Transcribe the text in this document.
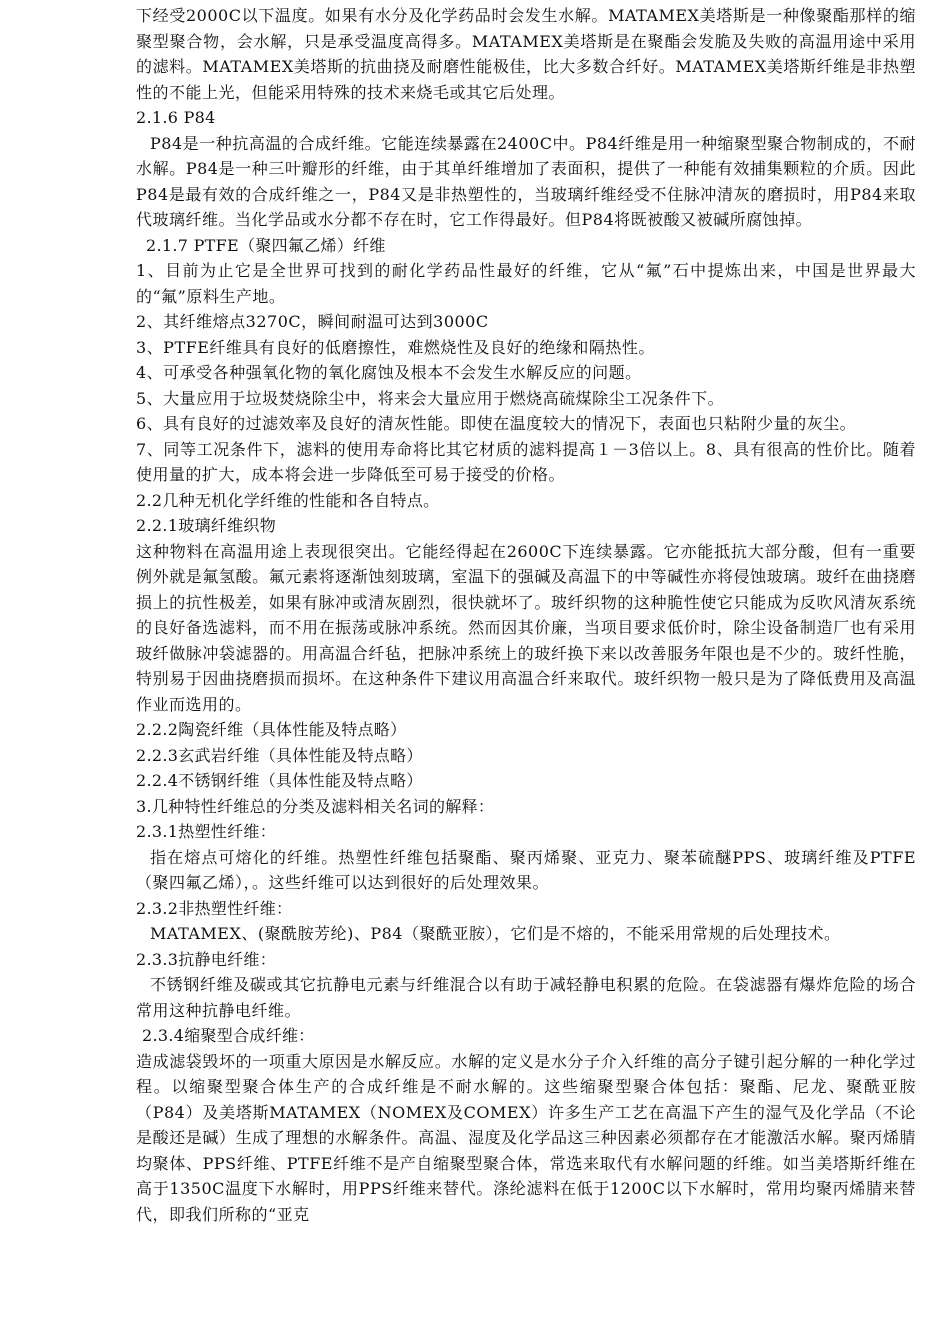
下经受2000C以下温度。如果有水分及化学药品时会发生水解。MATAMEX美塔斯是一种像聚酯那样的缩聚型聚合物，会水解，只是承受温度高得多。MATAMEX美塔斯是在聚酯会发脆及失败的高温用途中采用的滤料。MATAMEX美塔斯的抗曲挠及耐磨性能极佳，比大多数合纤好。MATAMEX美塔斯纤维是非热塑性的不能上光，但能采用特殊的技术来烧毛或其它后处理。

2.1.6 P84

P84是一种抗高温的合成纤维。它能连续暴露在2400C中。P84纤维是用一种缩聚型聚合物制成的，不耐水解。P84是一种三叶瓣形的纤维，由于其单纤维增加了表面积，提供了一种能有效捕集颗粒的介质。因此P84是最有效的合成纤维之一，P84又是非热塑性的，当玻璃纤维经受不住脉冲清灰的磨损时，用P84来取代玻璃纤维。当化学品或水分都不存在时，它工作得最好。但P84将既被酸又被碱所腐蚀掉。

2.1.7 PTFE（聚四氟乙烯）纤维

1、目前为止它是全世界可找到的耐化学药品性最好的纤维，它从“氟”石中提炼出来，中国是世界最大的“氟”原料生产地。

2、其纤维熔点3270C，瞬间耐温可达到3000C

3、PTFE纤维具有良好的低磨擦性，难燃烧性及良好的绝缘和隔热性。

4、可承受各种强氧化物的氧化腐蚀及根本不会发生水解反应的问题。

5、大量应用于垃圾焚烧除尘中，将来会大量应用于燃烧高硫煤除尘工况条件下。

6、具有良好的过滤效率及良好的清灰性能。即使在温度较大的情况下，表面也只粘附少量的灰尘。

7、同等工况条件下，滤料的使用寿命将比其它材质的滤料提高１－3倍以上。8、具有很高的性价比。随着使用量的扩大，成本将会进一步降低至可易于接受的价格。

2.2几种无机化学纤维的性能和各自特点。

2.2.1玻璃纤维织物

这种物料在高温用途上表现很突出。它能经得起在2600C下连续暴露。它亦能抵抗大部分酸，但有一重要例外就是氟氢酸。氟元素将逐渐蚀刻玻璃，室温下的强碱及高温下的中等碱性亦将侵蚀玻璃。玻纤在曲挠磨损上的抗性极差，如果有脉冲或清灰剧烈，很快就坏了。玻纤织物的这种脆性使它只能成为反吹风清灰系统的良好备选滤料，而不用在振荡或脉冲系统。然而因其价廉，当项目要求低价时，除尘设备制造厂也有采用玻纤做脉冲袋滤器的。用高温合纤毡，把脉冲系统上的玻纤换下来以改善服务年限也是不少的。玻纤性脆，特别易于因曲挠磨损而损坏。在这种条件下建议用高温合纤来取代。玻纤织物一般只是为了降低费用及高温作业而选用的。

2.2.2陶瓷纤维（具体性能及特点略）

2.2.3玄武岩纤维（具体性能及特点略）

2.2.4不锈钢纤维（具体性能及特点略）

3.几种特性纤维总的分类及滤料相关名词的解释：

2.3.1热塑性纤维：

指在熔点可熔化的纤维。热塑性纤维包括聚酯、聚丙烯聚、亚克力、聚苯硫醚PPS、玻璃纤维及PTFE（聚四氟乙烯），。这些纤维可以达到很好的后处理效果。

2.3.2非热塑性纤维：

MATAMEX、(聚酰胺芳纶)、P84（聚酰亚胺），它们是不熔的，不能采用常规的后处理技术。

2.3.3抗静电纤维：

不锈钢纤维及碳或其它抗静电元素与纤维混合以有助于减轻静电积累的危险。在袋滤器有爆炸危险的场合常用这种抗静电纤维。

2.3.4缩聚型合成纤维：

造成滤袋毁坏的一项重大原因是水解反应。水解的定义是水分子介入纤维的高分子键引起分解的一种化学过程。以缩聚型聚合体生产的合成纤维是不耐水解的。这些缩聚型聚合体包括：聚酯、尼龙、聚酰亚胺（P84）及美塔斯MATAMEX（NOMEX及COMEX）许多生产工艺在高温下产生的湿气及化学品（不论是酸还是碱）生成了理想的水解条件。高温、湿度及化学品这三种因素必须都存在才能激活水解。聚丙烯腈均聚体、PPS纤维、PTFE纤维不是产自缩聚型聚合体，常选来取代有水解问题的纤维。如当美塔斯纤维在高于1350C温度下水解时，用PPS纤维来替代。涤纶滤料在低于1200C以下水解时，常用均聚丙烯腈来替代，即我们所称的“亚克
